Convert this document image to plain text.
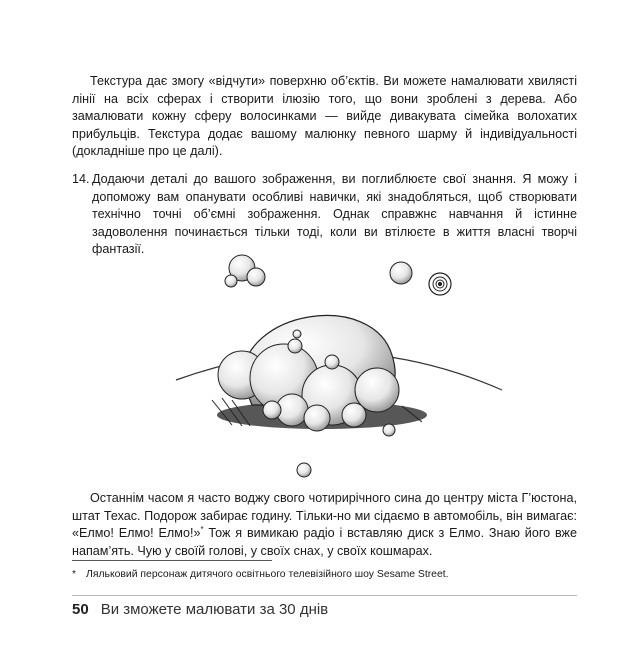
Текстура дає змогу «відчути» поверхню об’єктів. Ви можете намалювати хвилясті лінії на всіх сферах і створити ілюзію того, що вони зроблені з дерева. Або замалювати кожну сферу волосинками — вийде дивакувата сімейка волохатих прибульців. Текстура додає вашому малюнку певного шарму й індивідуальності (докладніше про це далі).

14. Додаючи деталі до вашого зображення, ви поглиблюєте свої знання. Я можу і допоможу вам опанувати особливі навички, які знадобляться, щоб створювати технічно точні об’ємні зображення. Однак справжнє навчання й істинне задоволення починається тільки тоді, коли ви втілюєте в життя власні творчі фантазії.

Останнім часом я часто воджу свого чотирирічного сина до центру міста Г’юстона, штат Техас. Подорож забирає годину. Тільки-но ми сідаємо в автомобіль, він вимагає: «Елмо! Елмо! Елмо!»* Тож я вимикаю радіо і вставляю диск з Елмо. Знаю його вже напам’ять. Чую у своїй голові, у своїх снах, у своїх кошмарах.

* Ляльковий персонаж дитячого освітнього телевізійного шоу Sesame Street.
50 Ви зможете малювати за 30 днів
